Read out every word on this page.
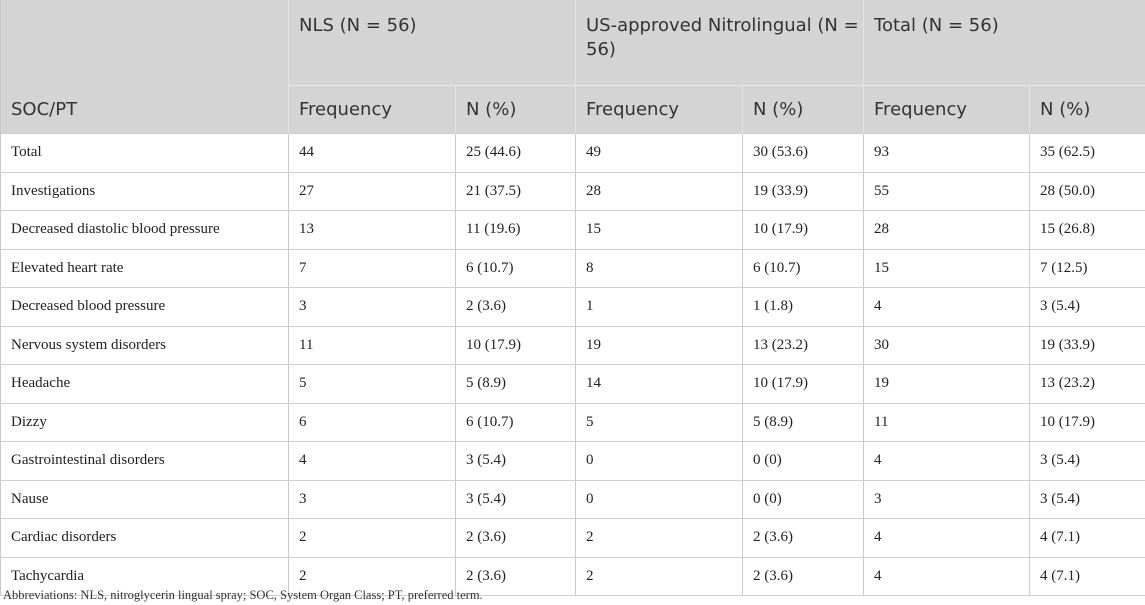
SOC/PT	NLS (N = 56)		US-approved Nitrolingual (N = 56)		Total (N = 56)	
	Frequency	N (%)	Frequency	N (%)	Frequency	N (%)
Total	44	25 (44.6)	49	30 (53.6)	93	35 (62.5)
Investigations	27	21 (37.5)	28	19 (33.9)	55	28 (50.0)
Decreased diastolic blood pressure	13	11 (19.6)	15	10 (17.9)	28	15 (26.8)
Elevated heart rate	7	6 (10.7)	8	6 (10.7)	15	7 (12.5)
Decreased blood pressure	3	2 (3.6)	1	1 (1.8)	4	3 (5.4)
Nervous system disorders	11	10 (17.9)	19	13 (23.2)	30	19 (33.9)
Headache	5	5 (8.9)	14	10 (17.9)	19	13 (23.2)
Dizzy	6	6 (10.7)	5	5 (8.9)	11	10 (17.9)
Gastrointestinal disorders	4	3 (5.4)	0	0 (0)	4	3 (5.4)
Nause	3	3 (5.4)	0	0 (0)	3	3 (5.4)
Cardiac disorders	2	2 (3.6)	2	2 (3.6)	4	4 (7.1)
Tachycardia	2	2 (3.6)	2	2 (3.6)	4	4 (7.1)
Abbreviations: NLS, nitroglycerin lingual spray; SOC, System Organ Class; PT, preferred term.
